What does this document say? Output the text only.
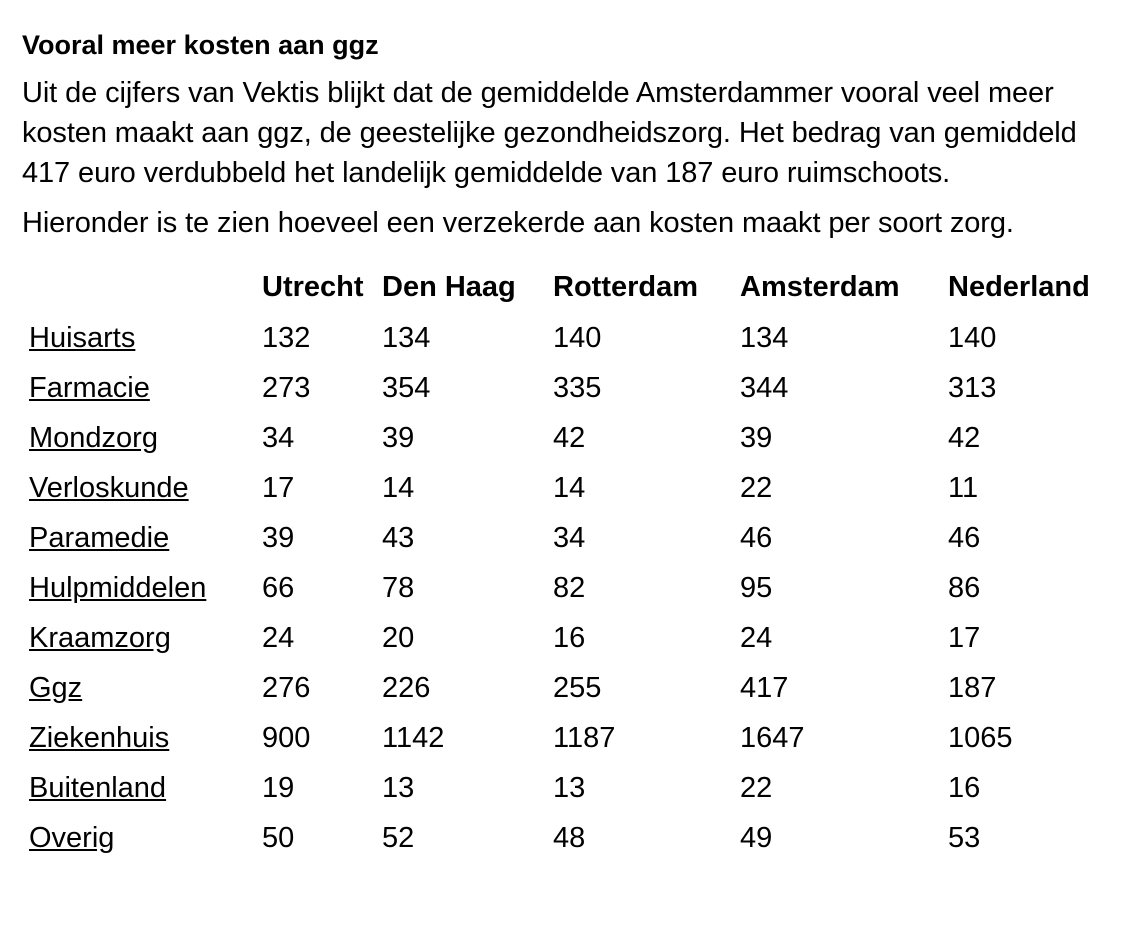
Vooral meer kosten aan ggz

Uit de cijfers van Vektis blijkt dat de gemiddelde Amsterdammer vooral veel meer kosten maakt aan ggz, de geestelijke gezondheidszorg. Het bedrag van gemiddeld 417 euro verdubbeld het landelijk gemiddelde van 187 euro ruimschoots.

Hieronder is te zien hoeveel een verzekerde aan kosten maakt per soort zorg.

	Utrecht	Den Haag	Rotterdam	Amsterdam	Nederland
Huisarts	132	134	140	134	140
Farmacie	273	354	335	344	313
Mondzorg	34	39	42	39	42
Verloskunde	17	14	14	22	11
Paramedie	39	43	34	46	46
Hulpmiddelen	66	78	82	95	86
Kraamzorg	24	20	16	24	17
Ggz	276	226	255	417	187
Ziekenhuis	900	1142	1187	1647	1065
Buitenland	19	13	13	22	16
Overig	50	52	48	49	53
